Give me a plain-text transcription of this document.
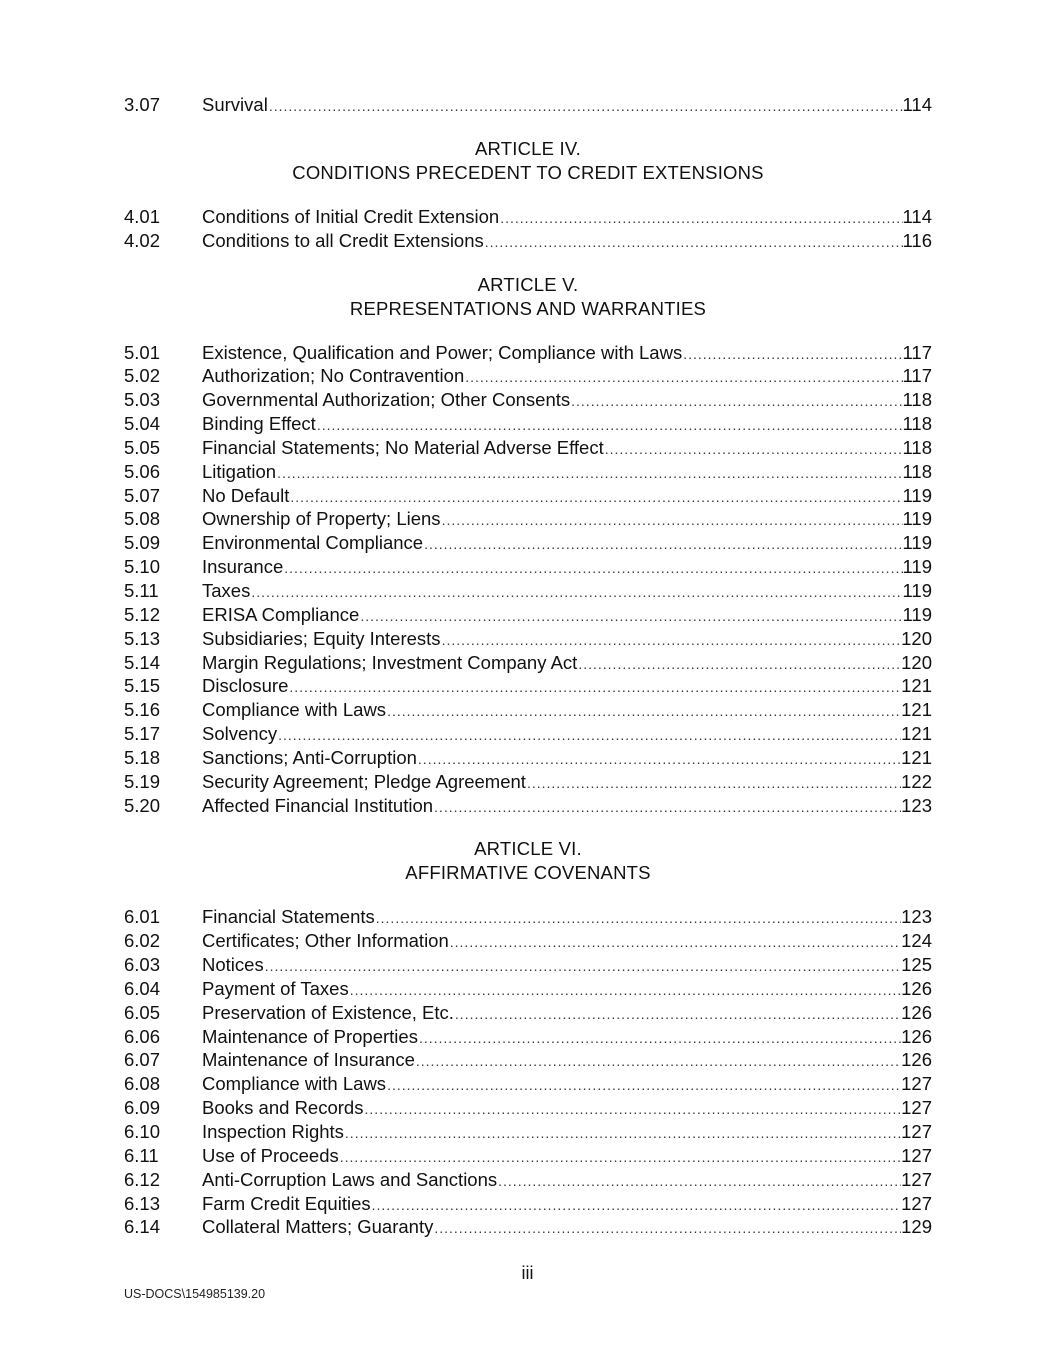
3.07 Survival .....	114
ARTICLE IV.
CONDITIONS PRECEDENT TO CREDIT EXTENSIONS
4.01 Conditions of Initial Credit Extension .....	114
4.02 Conditions to all Credit Extensions .....	116
ARTICLE V.
REPRESENTATIONS AND WARRANTIES
5.01 Existence, Qualification and Power; Compliance with Laws .....	117
5.02 Authorization; No Contravention .....	117
5.03 Governmental Authorization; Other Consents .....	118
5.04 Binding Effect .....	118
5.05 Financial Statements; No Material Adverse Effect .....	118
5.06 Litigation .....	118
5.07 No Default .....	119
5.08 Ownership of Property; Liens .....	119
5.09 Environmental Compliance .....	119
5.10 Insurance .....	119
5.11 Taxes .....	119
5.12 ERISA Compliance .....	119
5.13 Subsidiaries; Equity Interests .....	120
5.14 Margin Regulations; Investment Company Act .....	120
5.15 Disclosure .....	121
5.16 Compliance with Laws .....	121
5.17 Solvency .....	121
5.18 Sanctions; Anti-Corruption .....	121
5.19 Security Agreement; Pledge Agreement .....	122
5.20 Affected Financial Institution .....	123
ARTICLE VI.
AFFIRMATIVE COVENANTS
6.01 Financial Statements .....	123
6.02 Certificates; Other Information .....	124
6.03 Notices .....	125
6.04 Payment of Taxes .....	126
6.05 Preservation of Existence, Etc. .....	126
6.06 Maintenance of Properties .....	126
6.07 Maintenance of Insurance .....	126
6.08 Compliance with Laws .....	127
6.09 Books and Records .....	127
6.10 Inspection Rights .....	127
6.11 Use of Proceeds .....	127
6.12 Anti-Corruption Laws and Sanctions .....	127
6.13 Farm Credit Equities .....	127
6.14 Collateral Matters; Guaranty .....	129
iii
US-DOCS\154985139.20
